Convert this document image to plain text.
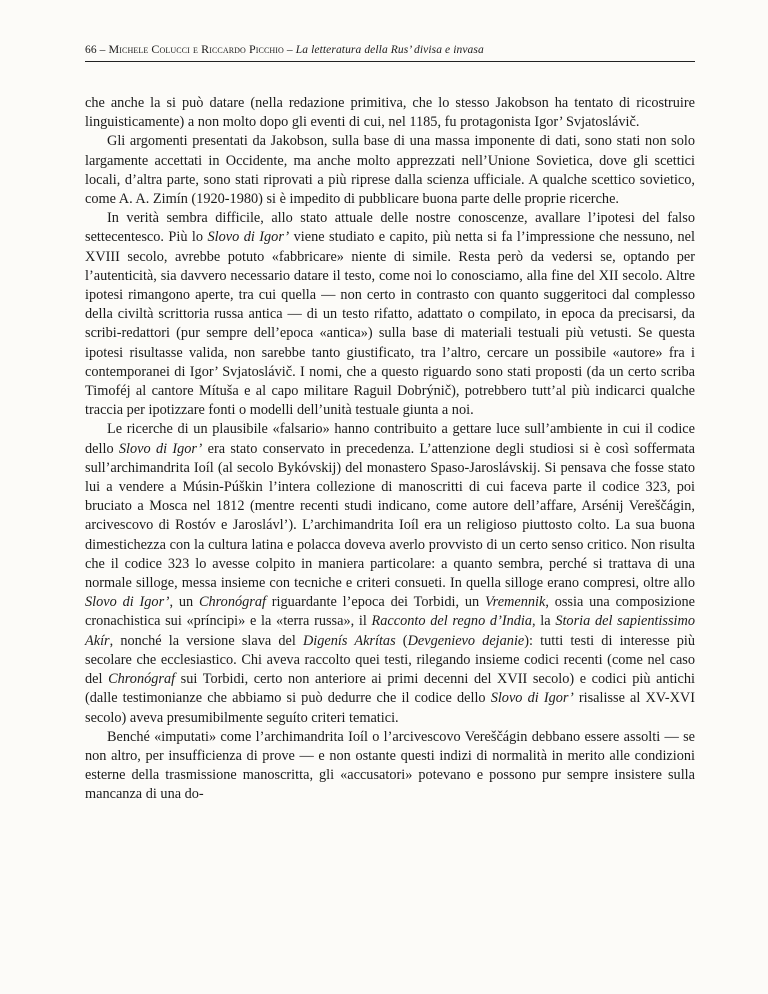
66 – Michele Colucci e Riccardo Picchio – La letteratura della Rus’ divisa e invasa

che anche la si può datare (nella redazione primitiva, che lo stesso Jakobson ha tentato di ricostruire linguisticamente) a non molto dopo gli eventi di cui, nel 1185, fu protagonista Igor’ Svjatoslávič.

Gli argomenti presentati da Jakobson, sulla base di una massa imponente di dati, sono stati non solo largamente accettati in Occidente, ma anche molto apprezzati nell’Unione Sovietica, dove gli scettici locali, d’altra parte, sono stati riprovati a più riprese dalla scienza ufficiale. A qualche scettico sovietico, come A. A. Zimín (1920-1980) si è impedito di pubblicare buona parte delle proprie ricerche.

In verità sembra difficile, allo stato attuale delle nostre conoscenze, avallare l’ipotesi del falso settecentesco. Più lo Slovo di Igor’ viene studiato e capito, più netta si fa l’impressione che nessuno, nel XVIII secolo, avrebbe potuto «fabbricare» niente di simile. Resta però da vedersi se, optando per l’autenticità, sia davvero necessario datare il testo, come noi lo conosciamo, alla fine del XII secolo. Altre ipotesi rimangono aperte, tra cui quella — non certo in contrasto con quanto suggeritoci dal complesso della civiltà scrittoria russa antica — di un testo rifatto, adattato o compilato, in epoca da precisarsi, da scribi-redattori (pur sempre dell’epoca «antica») sulla base di materiali testuali più vetusti. Se questa ipotesi risultasse valida, non sarebbe tanto giustificato, tra l’altro, cercare un possibile «autore» fra i contemporanei di Igor’ Svjatoslávič. I nomi, che a questo riguardo sono stati proposti (da un certo scriba Timoféj al cantore Mítuša e al capo militare Raguil Dobrýnič), potrebbero tutt’al più indicarci qualche traccia per ipotizzare fonti o modelli dell’unità testuale giunta a noi.

Le ricerche di un plausibile «falsario» hanno contribuito a gettare luce sull’ambiente in cui il codice dello Slovo di Igor’ era stato conservato in precedenza. L’attenzione degli studiosi si è così soffermata sull’archimandrita Ioíl (al secolo Bykóvskij) del monastero Spaso-Jaroslávskij. Si pensava che fosse stato lui a vendere a Músin-Púškin l’intera collezione di manoscritti di cui faceva parte il codice 323, poi bruciato a Mosca nel 1812 (mentre recenti studi indicano, come autore dell’affare, Arsénij Vereščágin, arcivescovo di Rostóv e Jaroslávl’). L’archimandrita Ioíl era un religioso piuttosto colto. La sua buona dimestichezza con la cultura latina e polacca doveva averlo provvisto di un certo senso critico. Non risulta che il codice 323 lo avesse colpito in maniera particolare: a quanto sembra, perché si trattava di una normale silloge, messa insieme con tecniche e criteri consueti. In quella silloge erano compresi, oltre allo Slovo di Igor’, un Chronógraf riguardante l’epoca dei Torbidi, un Vremennik, ossia una composizione cronachistica sui «príncipi» e la «terra russa», il Racconto del regno d’India, la Storia del sapientissimo Akír, nonché la versione slava del Digenís Akrítas (Devgenievo dejanie): tutti testi di interesse più secolare che ecclesiastico. Chi aveva raccolto quei testi, rilegando insieme codici recenti (come nel caso del Chronógraf sui Torbidi, certo non anteriore ai primi decenni del XVII secolo) e codici più antichi (dalle testimonianze che abbiamo si può dedurre che il codice dello Slovo di Igor’ risalisse al XV-XVI secolo) aveva presumibilmente seguíto criteri tematici.

Benché «imputati» come l’archimandrita Ioíl o l’arcivescovo Vereščágin debbano essere assolti — se non altro, per insufficienza di prove — e non ostante questi indizi di normalità in merito alle condizioni esterne della trasmissione manoscritta, gli «accusatori» potevano e possono pur sempre insistere sulla mancanza di una do-
